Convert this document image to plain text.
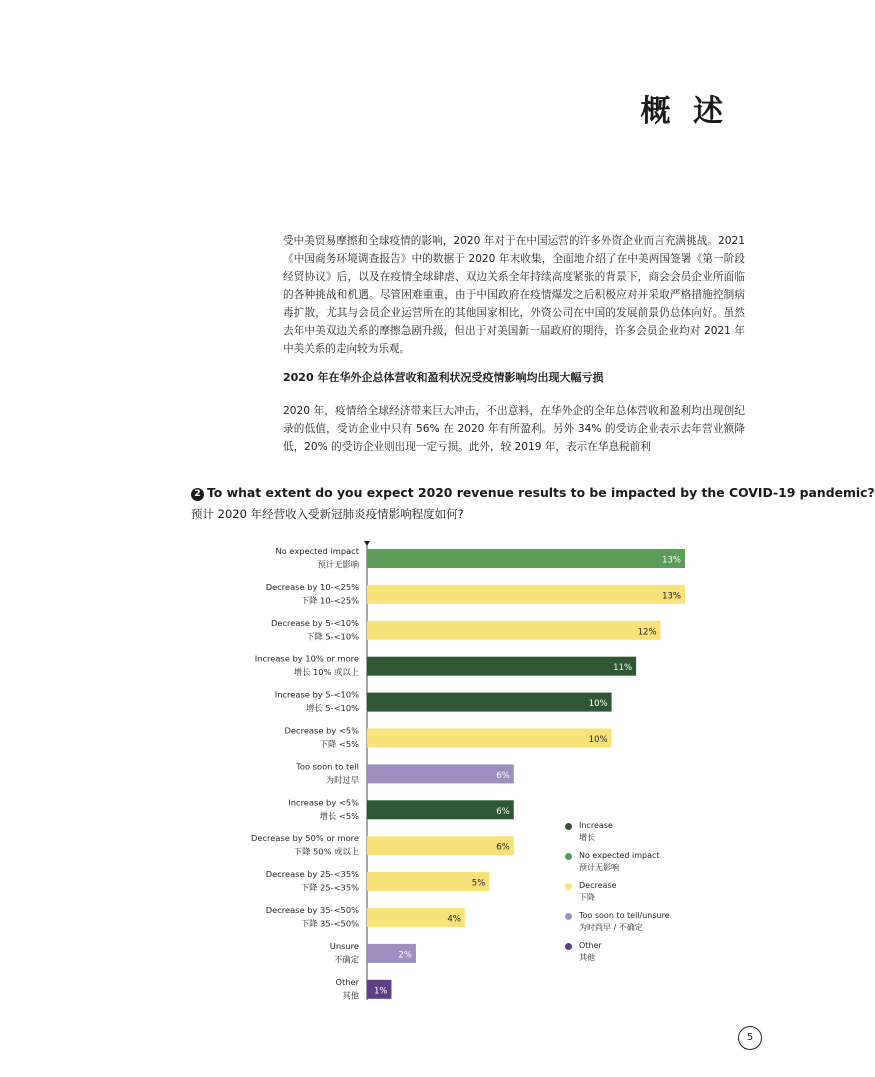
概 述
受中美贸易摩擦和全球疫情的影响，2020 年对于在中国运营的许多外资企业而言充满挑战。2021《中国商务环境调查报告》中的数据于 2020 年末收集，全面地介绍了在中美两国签署《第一阶段经贸协议》后，以及在疫情全球肆虐、双边关系全年持续高度紧张的背景下，商会会员企业所面临的各种挑战和机遇。尽管困难重重，由于中国政府在疫情爆发之后积极应对并采取严格措施控制病毒扩散，尤其与会员企业运营所在的其他国家相比，外资公司在中国的发展前景仍总体向好。虽然去年中美双边关系的摩擦急剧升级，但出于对美国新一届政府的期待，许多会员企业均对 2021 年中美关系的走向较为乐观。
2020 年在华外企总体营收和盈利状况受疫情影响均出现大幅亏损
2020 年，疫情给全球经济带来巨大冲击，不出意料，在华外企的全年总体营收和盈利均出现创纪录的低值，受访企业中只有 56% 在 2020 年有所盈利。另外 34% 的受访企业表示去年营业额降低，20% 的受访企业则出现一定亏损。此外，较 2019 年，表示在华息税前利
2 To what extent do you expect 2020 revenue results to be impacted by the COVID-19 pandemic?
预计 2020 年经营收入受新冠肺炎疫情影响程度如何?
13%
No expected impact
预计无影响
13%
Decrease by 10-<25%
下降 10-<25%
12%
Decrease by 5-<10%
下降 5-<10%
11%
Increase by 10% or more
增长 10% 或以上
10%
Increase by 5-<10%
增长 5-<10%
10%
Decrease by <5%
下降 <5%
6%
Too soon to tell
为时过早
6%
Increase by <5%
增长 <5%
6%
Decrease by 50% or more
下降 50% 或以上
5%
Decrease by 25-<35%
下降 25-<35%
4%
Decrease by 35-<50%
下降 35-<50%
2%
Unsure
不确定
1%
Other
其他
Increase
增长
No expected impact
预计无影响
Decrease
下降
Too soon to tell/unsure
为时尚早 / 不确定
Other
其他
5
